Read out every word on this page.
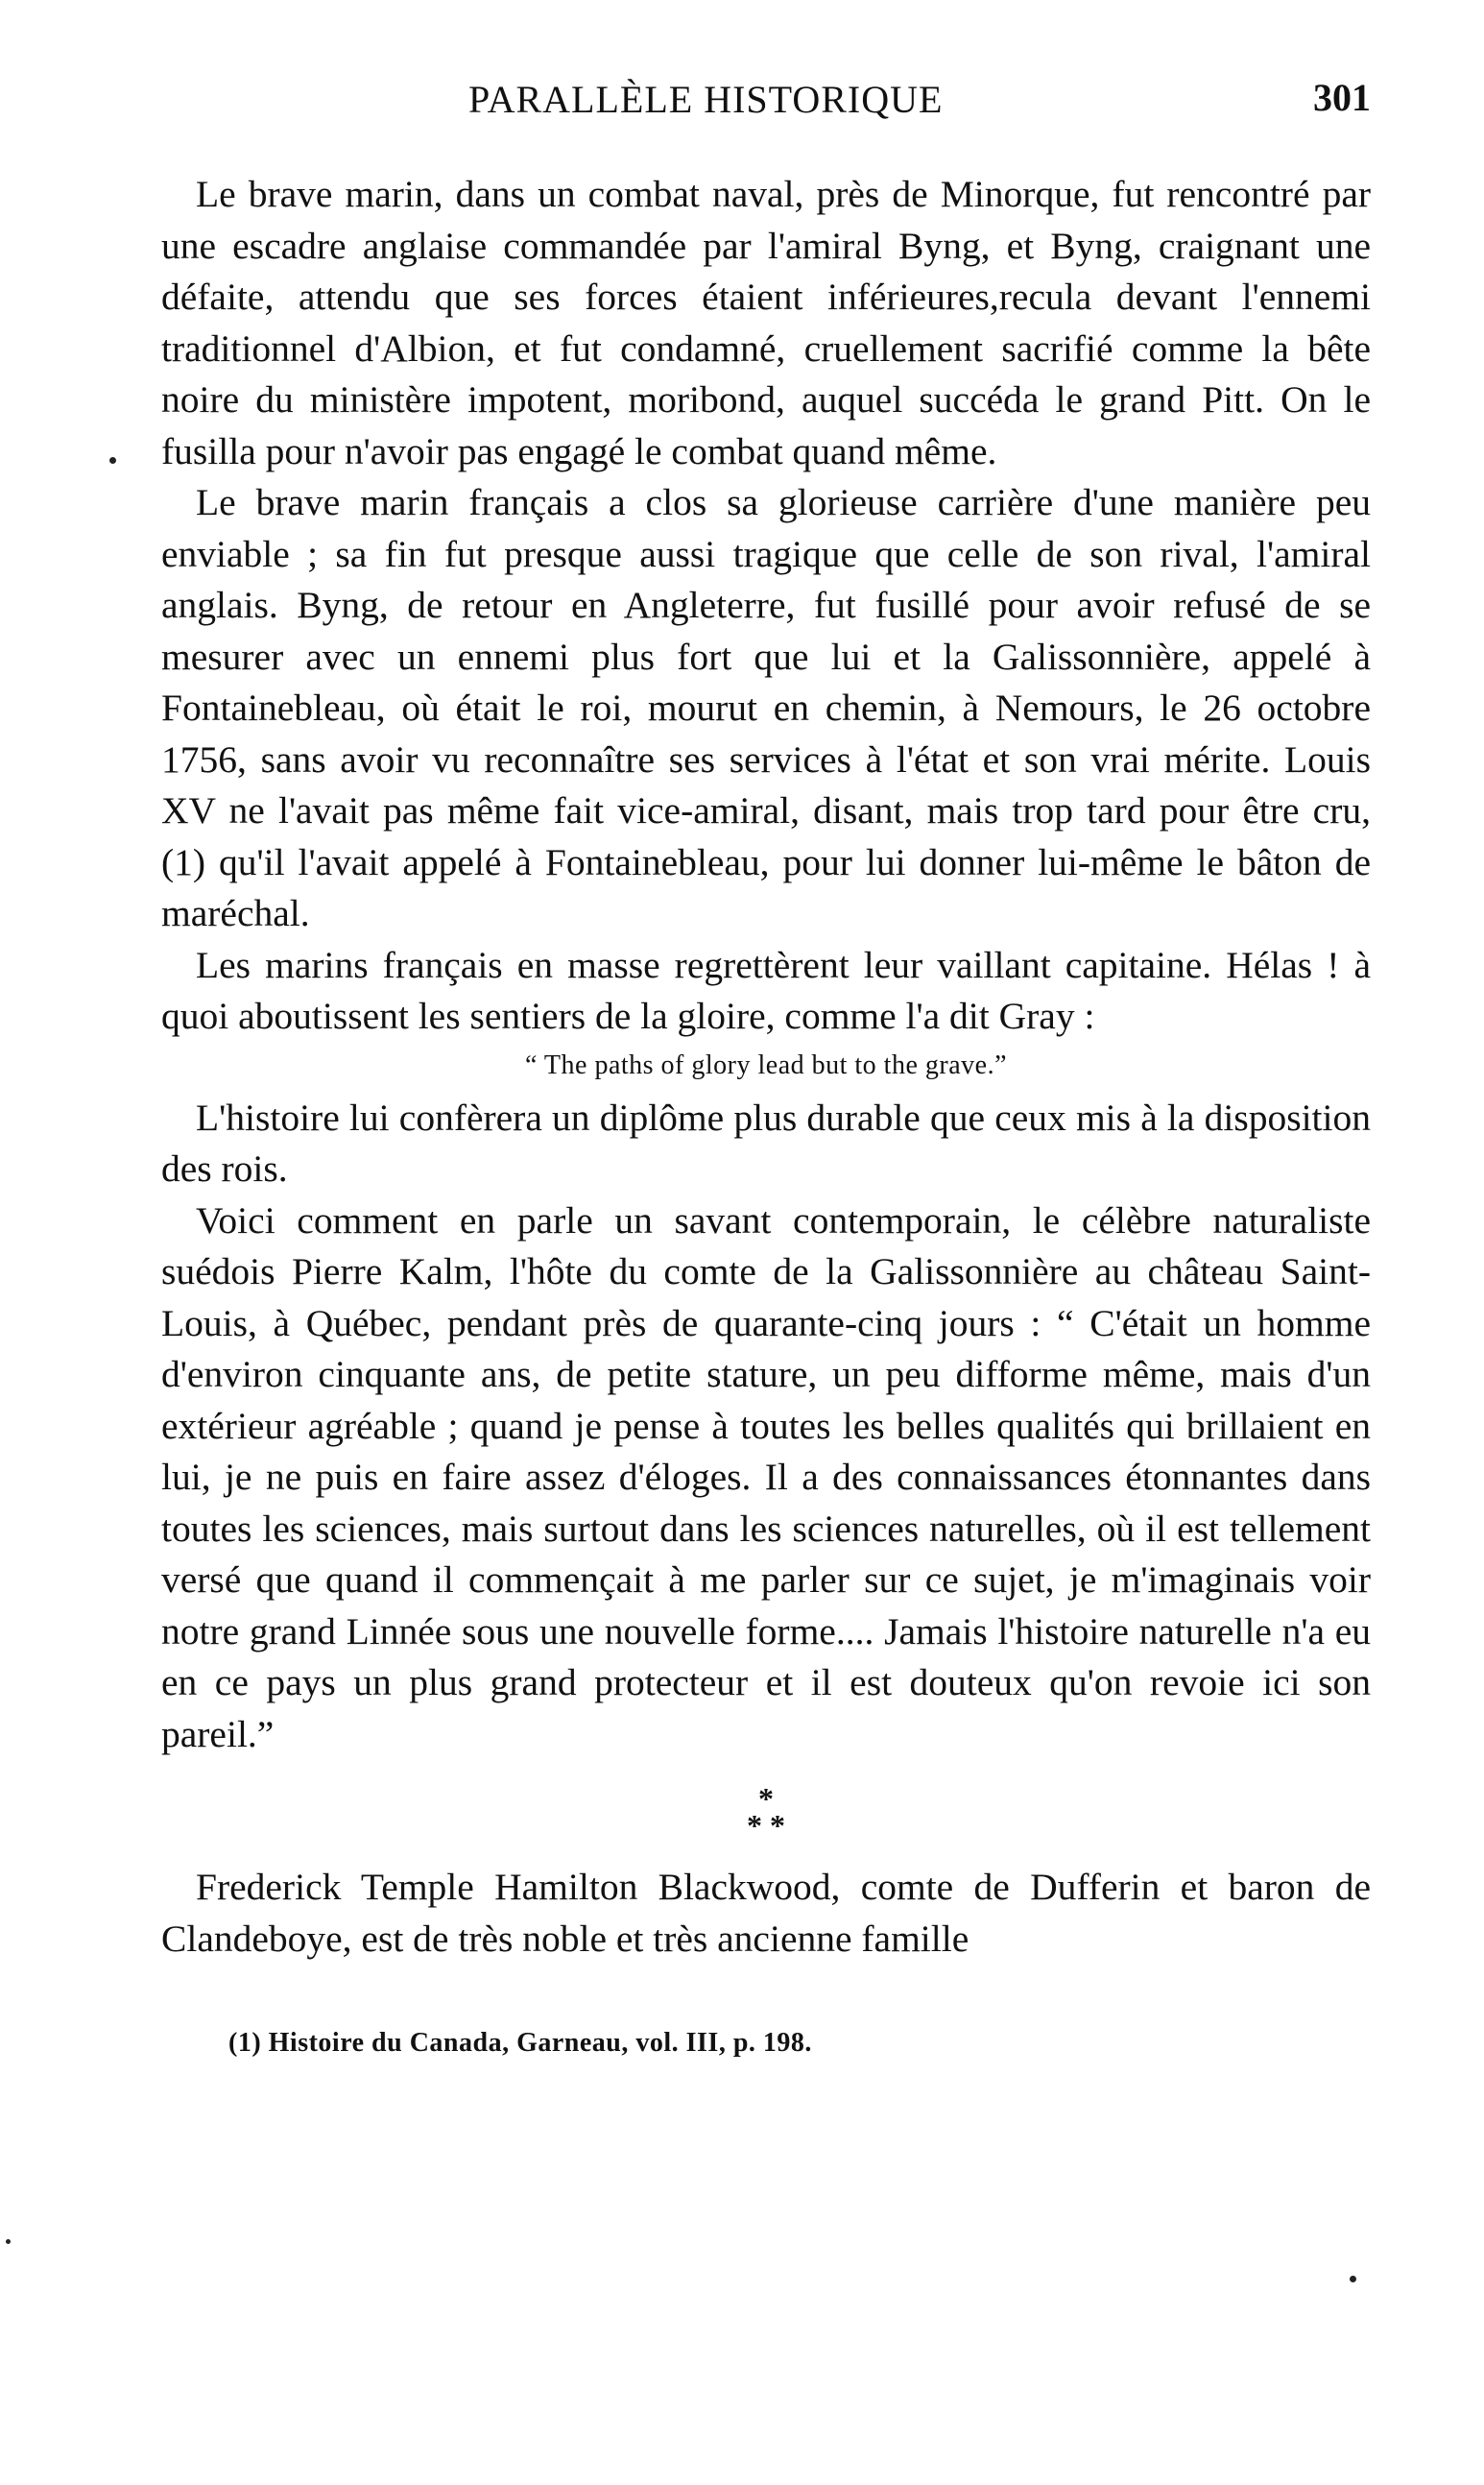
PARALLÈLE HISTORIQUE	301

Le brave marin, dans un combat naval, près de Minorque, fut rencontré par une escadre anglaise commandée par l'amiral Byng, et Byng, craignant une défaite, attendu que ses forces étaient inférieures,recula devant l'ennemi traditionnel d'Albion, et fut condamné, cruellement sacrifié comme la bête noire du ministère impotent, moribond, auquel succéda le grand Pitt. On le fusilla pour n'avoir pas engagé le combat quand même.

Le brave marin français a clos sa glorieuse carrière d'une manière peu enviable ; sa fin fut presque aussi tragique que celle de son rival, l'amiral anglais. Byng, de retour en Angleterre, fut fusillé pour avoir refusé de se mesurer avec un ennemi plus fort que lui et la Galissonnière, appelé à Fontainebleau, où était le roi, mourut en chemin, à Nemours, le 26 octobre 1756, sans avoir vu reconnaître ses services à l'état et son vrai mérite. Louis XV ne l'avait pas même fait vice-amiral, disant, mais trop tard pour être cru, (1) qu'il l'avait appelé à Fontainebleau, pour lui donner lui-même le bâton de maréchal.

Les marins français en masse regrettèrent leur vaillant capitaine. Hélas ! à quoi aboutissent les sentiers de la gloire, comme l'a dit Gray :

“ The paths of glory lead but to the grave.”

L'histoire lui confèrera un diplôme plus durable que ceux mis à la disposition des rois.

Voici comment en parle un savant contemporain, le célèbre naturaliste suédois Pierre Kalm, l'hôte du comte de la Galissonnière au château Saint-Louis, à Québec, pendant près de quarante-cinq jours : “ C'était un homme d'environ cinquante ans, de petite stature, un peu difforme même, mais d'un extérieur agréable ; quand je pense à toutes les belles qualités qui brillaient en lui, je ne puis en faire assez d'éloges. Il a des connaissances étonnantes dans toutes les sciences, mais surtout dans les sciences naturelles, où il est tellement versé que quand il commençait à me parler sur ce sujet, je m'imaginais voir notre grand Linnée sous une nouvelle forme.... Jamais l'histoire naturelle n'a eu en ce pays un plus grand protecteur et il est douteux qu'on revoie ici son pareil.”

*
* *

Frederick Temple Hamilton Blackwood, comte de Dufferin et baron de Clandeboye, est de très noble et très ancienne famille

(1) Histoire du Canada, Garneau, vol. III, p. 198.
